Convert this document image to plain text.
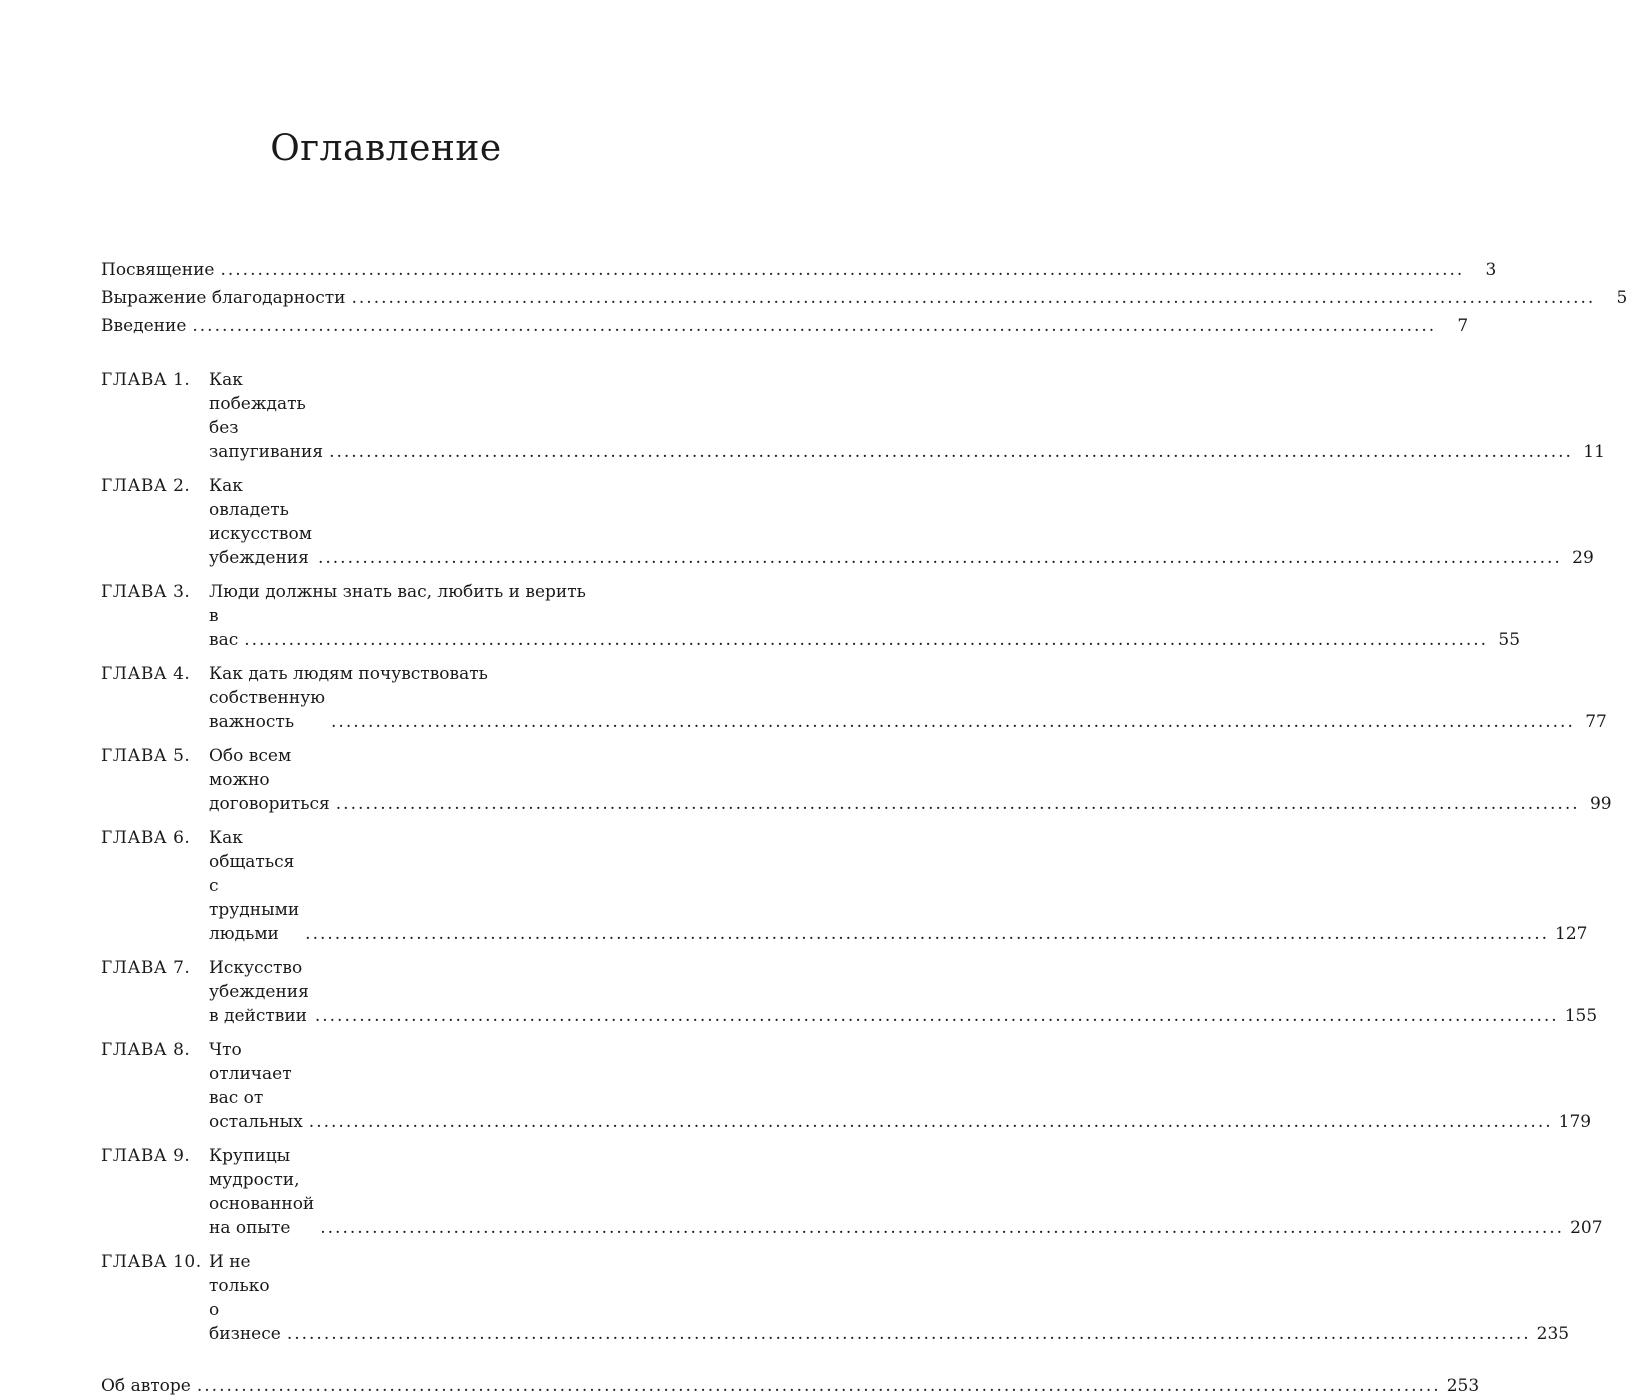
Оглавление
Посвящение .....	3
Выражение благодарности .....	5
Введение .....	7
ГЛАВА 1.	Как побеждать без запугивания .....	11
ГЛАВА 2.	Как овладеть искусством убеждения .....	29
ГЛАВА 3.	Люди должны знать вас, любить и верить
в вас .....	55
ГЛАВА 4.	Как дать людям почувствовать
собственную важность .....	77
ГЛАВА 5.	Обо всем можно договориться .....	99
ГЛАВА 6.	Как общаться с трудными людьми .....	127
ГЛАВА 7.	Искусство убеждения в действии .....	155
ГЛАВА 8.	Что отличает вас от остальных .....	179
ГЛАВА 9.	Крупицы мудрости, основанной на опыте .....	207
ГЛАВА 10. И не только о бизнесе .....	235
Об авторе .....	253
